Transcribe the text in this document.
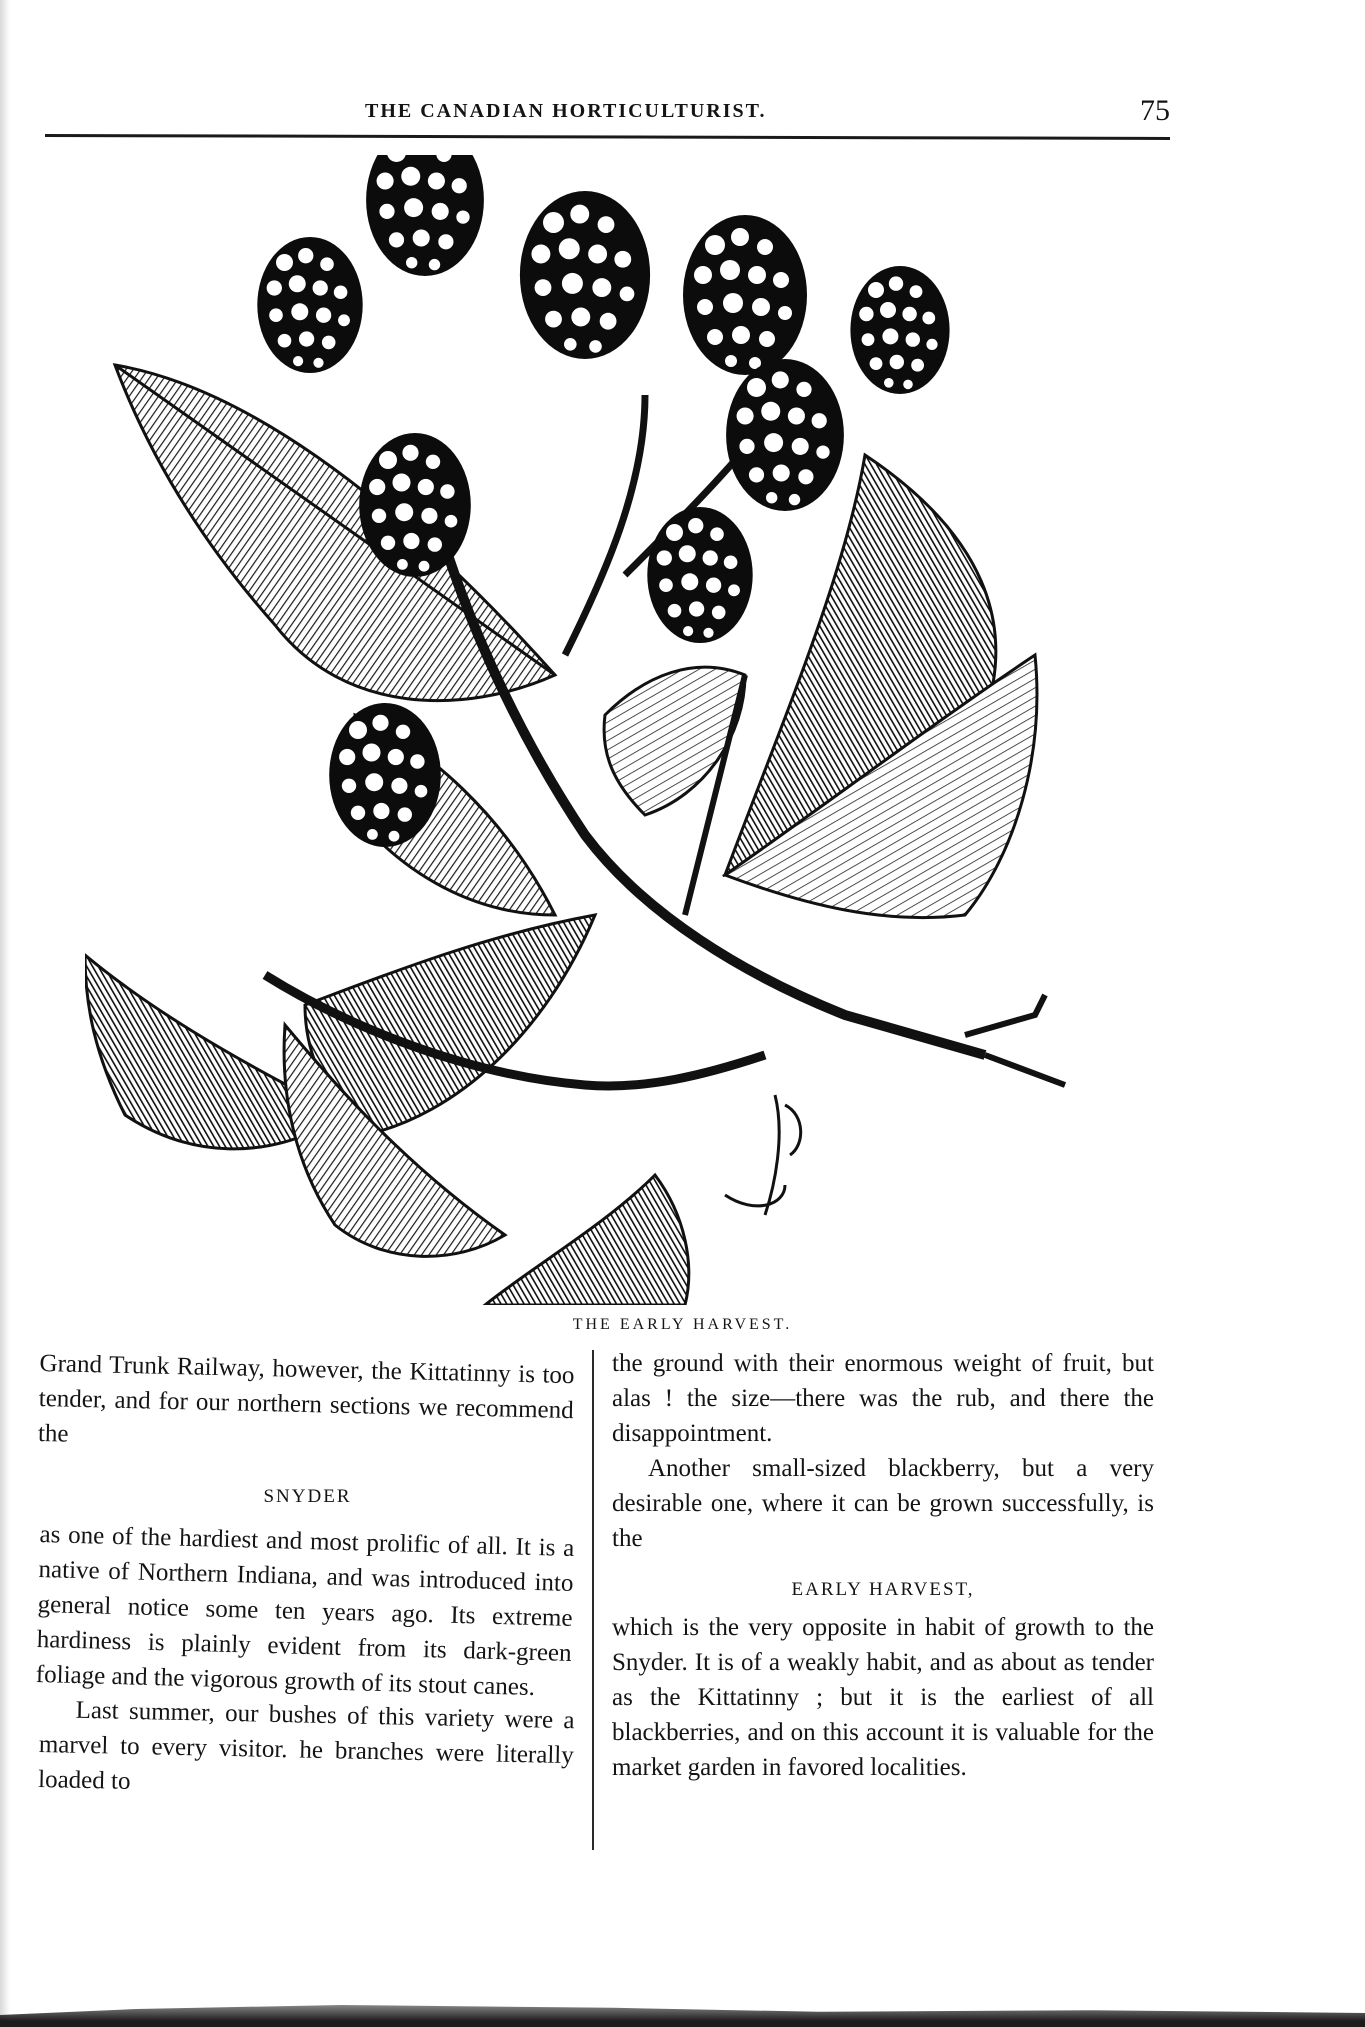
THE CANADIAN HORTICULTURIST.	75
THE EARLY HARVEST.

Grand Trunk Railway, however, the Kittatinny is too tender, and for our northern sections we recommend the

SNYDER

as one of the hardiest and most prolific of all. It is a native of Northern Indiana, and was introduced into general notice some ten years ago. Its extreme hardiness is plainly evident from its dark-green foliage and the vigorous growth of its stout canes.

Last summer, our bushes of this variety were a marvel to every visitor. he branches were literally loaded to

the ground with their enormous weight of fruit, but alas ! the size—there was the rub, and there the disappointment.

Another small-sized blackberry, but a very desirable one, where it can be grown successfully, is the

EARLY HARVEST,

which is the very opposite in habit of growth to the Snyder. It is of a weakly habit, and as about as tender as the Kittatinny ; but it is the earliest of all blackberries, and on this account it is valuable for the market garden in favored localities.
